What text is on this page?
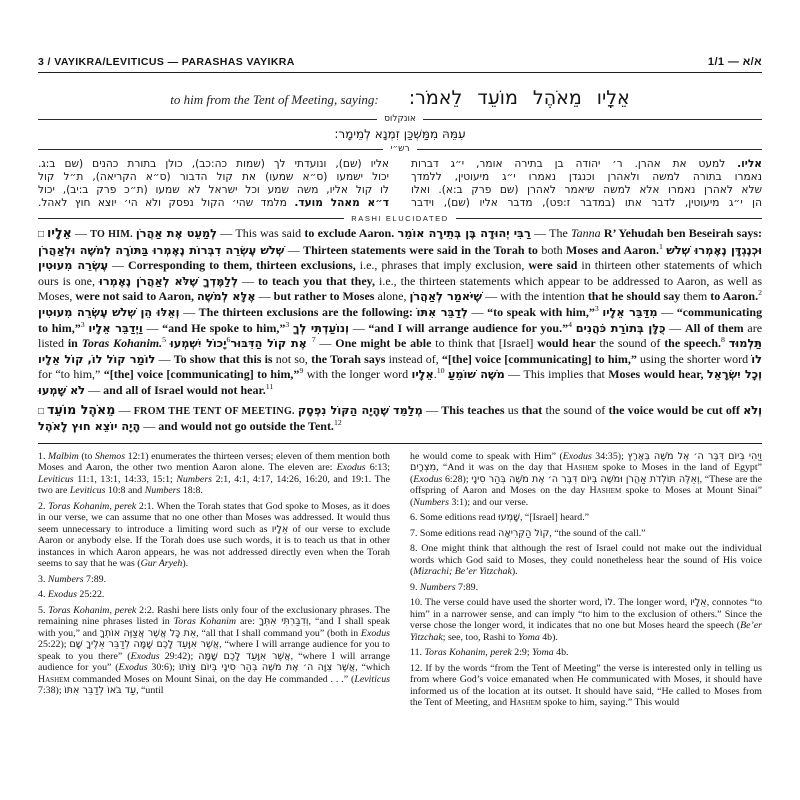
3 / VAYIKRA/LEVITICUS — PARASHAS VAYIKRA	1/1 — א/א
to him from the Tent of Meeting, saying: אֵלָיו מֵאֹהֶל מוֹעֵד לֵאמֹר:
אונקלוס
עִמֵּהּ מִמַּשְׁכַּן זִמְנָא לְמֵימָר:
רש״י
אליו. למעט את אהרן. ר׳ יהודה בן בתירה אומר, י״ג דברות
נאמרו בתורה למשה ולאהרן וכנגדן נאמרו י״ג מיעוטין, ללמדך
שלא לאהרן נאמרו אלא למשה שיאמר לאהרן (שם פרק ב:א). ואלו
הן י״ג מיעוטין, לדבר אתו (במדבר ז:פט), מדבר אליו (שם), וידבר
אליו (שם), ונועדתי לך (שמות כה:כב), כולן בתורת כהנים (שם ב:ג.
יכול ישמעו (ס״א שמעו) את קול הדבור (ס״א הקריאה), ת״ל קול
לו קול אליו, משה שמע וכל ישראל לא שמעו (ת״כ פרק ב:יב), יכול
ד״א מאהל מועד. מלמד שהי׳ הקול נפסק ולא הי׳ יוצא חוץ לאהל.
RASHI ELUCIDATED

□ אֵלָיו — TO HIM. לְמַעֵט אֶת אַהֲרֹן — This was said to exclude Aaron. רַבִּי יְהוּדָה בֶּן בְּתֵירָה אוֹמֵר — The Tanna R’ Yehudah ben Beseirah says: שְׁלֹשׁ עֶשְׂרֵה דִבְּרוֹת נֶאֶמְרוּ בַּתּוֹרָה לְמֹשֶׁה וּלְאַהֲרֹן — Thirteen statements were said in the Torah to both Moses and Aaron.$^1$ וּכְנֶגְדָּן נֶאֶמְרוּ שְׁלֹשׁ עֶשְׂרֵה מִעוּטִין — Corresponding to them, thirteen exclusions, i.e., phrases that imply exclusion, were said in thirteen other statements of which ours is one, לְלַמֶּדְךָ שֶׁלֹּא לְאַהֲרֹן נֶאֶמְרוּ — to teach you that they, i.e., the thirteen statements which appear to be addressed to Aaron, as well as Moses, were not said to Aaron, אֶלָּא לְמֹשֶׁה — but rather to Moses alone, שֶׁיֹּאמַר לְאַהֲרֹן — with the intention that he should say them to Aaron.$^2$ וְאֵלּוּ הֵן שְׁלֹשׁ עֶשְׂרֵה מִעוּטִין — The thirteen exclusions are the following: לְדַבֵּר אִתּוֹ — “to speak with him,”$^3$ מִדַּבֵּר אֵלָיו — “communicating to him,”$^3$ וַיְדַבֵּר אֵלָיו — “and He spoke to him,”$^3$ וְנוֹעַדְתִּי לְךָ — “and I will arrange audience for you.”$^4$ כֻּלָּן בְּתוֹרַת כֹּהֲנִים — All of them are listed in Toras Kohanim.$^5$ יָכוֹל יִשְׁמְעוּ$^6$ אֶת קוֹל הַדִּבּוּר$^7$ — One might be able to think that [Israel] would hear the sound of the speech.$^8$ תַּלְמוּד לוֹמַר קוֹל לוֹ, קוֹל אֵלָיו — To show that this is not so, the Torah says instead of, “[the] voice [communicating] to him,” using the shorter word לוֹ for “to him,” “[the] voice [communicating] to him,”$^9$ with the longer word אֵלָיו.$^{10}$ מֹשֶׁה שׁוֹמֵעַ — This implies that Moses would hear, וְכָל יִשְׂרָאֵל לֹא שָׁמְעוּ — and all of Israel would not hear.$^{11}$

□ מֵאֹהֶל מוֹעֵד — FROM THE TENT OF MEETING. מְלַמֵּד שֶׁהָיָה הַקּוֹל נִפְסָק — This teaches us that the sound of the voice would be cut off וְלֹא הָיָה יוֹצֵא חוּץ לָאֹהֶל — and would not go outside the Tent.$^{12}$

1. Malbim (to Shemos 12:1) enumerates the thirteen verses; eleven of them mention both Moses and Aaron, the other two mention Aaron alone. The eleven are: Exodus 6:13; Leviticus 11:1, 13:1, 14:33, 15:1; Numbers 2:1, 4:1, 4:17, 14:26, 16:20, and 19:1. The two are Leviticus 10:8 and Numbers 18:8.

2. Toras Kohanim, perek 2:1. When the Torah states that God spoke to Moses, as it does in our verse, we can assume that no one other than Moses was addressed. It would thus seem unnecessary to introduce a limiting word such as אֵלָיו of our verse to exclude Aaron or anybody else. If the Torah does use such words, it is to teach us that in other instances in which Aaron appears, he was not addressed directly even when the Torah seems to say that he was (Gur Aryeh).

3. Numbers 7:89.

4. Exodus 25:22.

5. Toras Kohanim, perek 2:2. Rashi here lists only four of the exclusionary phrases. The remaining nine phrases listed in Toras Kohanim are: וְדִבַּרְתִּי אִתְּךָ, “and I shall speak with you,” and אֵת כָּל אֲשֶׁר אֲצַוֶּה אוֹתְךָ, “all that I shall command you” (both in Exodus 25:22); אֲשֶׁר אִוָּעֵד לָכֶם שָׁמָּה לְדַבֵּר אֵלֶיךָ שָׁם, “where I will arrange audience for you to speak to you there” (Exodus 29:42); אֲשֶׁר אִוָּעֵד לָכֶם שָׁמָּה, “where I will arrange audience for you” (Exodus 30:6); אֲשֶׁר צִוָּה ה׳ אֶת מֹשֶׁה בְּהַר סִינָי בְּיוֹם צַוֹּתוֹ, “which Hashem commanded Moses on Mount Sinai, on the day He commanded . . .” (Leviticus 7:38); עַד בֹּאוֹ לְדַבֵּר אִתּוֹ, “until

he would come to speak with Him” (Exodus 34:35); וַיְהִי בְּיוֹם דִּבֶּר ה׳ אֶל מֹשֶׁה בְּאֶרֶץ מִצְרָיִם, “And it was on the day that Hashem spoke to Moses in the land of Egypt” (Exodus 6:28); וְאֵלֶּה תּוֹלְדֹת אַהֲרֹן וּמֹשֶׁה בְּיוֹם דִּבֶּר ה׳ אֶת מֹשֶׁה בְּהַר סִינָי, “These are the offspring of Aaron and Moses on the day Hashem spoke to Moses at Mount Sinai” (Numbers 3:1); and our verse.

6. Some editions read שָׁמְעוּ, “[Israel] heard.”

7. Some editions read קוֹל הַקְּרִיאָה, “the sound of the call.”

8. One might think that although the rest of Israel could not make out the individual words which God said to Moses, they could nonetheless hear the sound of His voice (Mizrachi; Be’er Yitzchak).

9. Numbers 7:89.

10. The verse could have used the shorter word, לוֹ. The longer word, אֵלָיו, connotes “to him” in a narrower sense, and can imply “to him to the exclusion of others.” Since the verse chose the longer word, it indicates that no one but Moses heard the speech (Be’er Yitzchak; see, too, Rashi to Yoma 4b).

11. Toras Kohanim, perek 2:9; Yoma 4b.

12. If by the words “from the Tent of Meeting” the verse is interested only in telling us from where God’s voice emanated when He communicated with Moses, it should have informed us of the location at its outset. It should have said, “He called to Moses from the Tent of Meeting, and Hashem spoke to him, saying.” This would
